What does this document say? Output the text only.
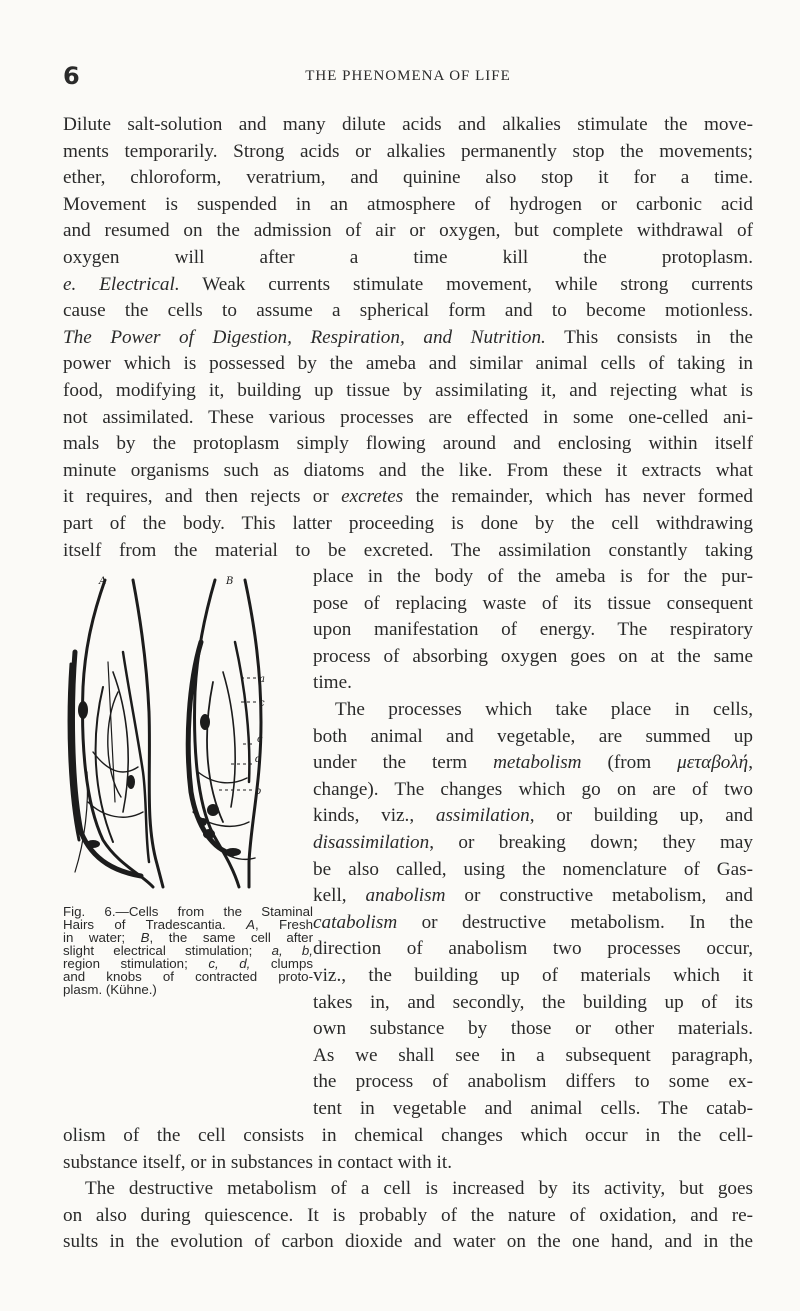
6	THE PHENOMENA OF LIFE
Dilute salt-solution and many dilute acids and alkalies stimulate the move-
ments temporarily. Strong acids or alkalies permanently stop the movements;
ether, chloroform, veratrium, and quinine also stop it for a time.
Movement is suspended in an atmosphere of hydrogen or carbonic acid
and resumed on the admission of air or oxygen, but complete withdrawal of
oxygen will after a time kill the protoplasm.
e. Electrical. Weak currents stimulate movement, while strong currents
cause the cells to assume a spherical form and to become motionless.
The Power of Digestion, Respiration, and Nutrition. This consists in the
power which is possessed by the ameba and similar animal cells of taking in
food, modifying it, building up tissue by assimilating it, and rejecting what is
not assimilated. These various processes are effected in some one-celled ani-
mals by the protoplasm simply flowing around and enclosing within itself
minute organisms such as diatoms and the like. From these it extracts what
it requires, and then rejects or excretes the remainder, which has never formed
part of the body. This latter proceeding is done by the cell withdrawing
itself from the material to be excreted. The assimilation constantly taking
place in the body of the ameba is for the pur-
pose of replacing waste of its tissue consequent
upon manifestation of energy. The respiratory
process of absorbing oxygen goes on at the same
time.
The processes which take place in cells,
both animal and vegetable, are summed up
under the term metabolism (from μεταβολή,
change). The changes which go on are of two
kinds, viz., assimilation, or building up, and
disassimilation, or breaking down; they may
be also called, using the nomenclature of Gas-
kell, anabolism or constructive metabolism, and
catabolism or destructive metabolism. In the
direction of anabolism two processes occur,
viz., the building up of materials which it
takes in, and secondly, the building up of its
own substance by those or other materials.
As we shall see in a subsequent paragraph,
the process of anabolism differs to some ex-
tent in vegetable and animal cells. The catab-
olism of the cell consists in chemical changes which occur in the cell-
substance itself, or in substances in contact with it.
The destructive metabolism of a cell is increased by its activity, but goes
on also during quiescence. It is probably of the nature of oxidation, and re-
sults in the evolution of carbon dioxide and water on the one hand, and in the
A	B
a
c
c
d
b
Fig. 6.—Cells from the Staminal
Hairs of Tradescantia. A, Fresh
in water; B, the same cell after
slight electrical stimulation; a, b,
region stimulation; c, d, clumps
and knobs of contracted proto-
plasm. (Kühne.)
